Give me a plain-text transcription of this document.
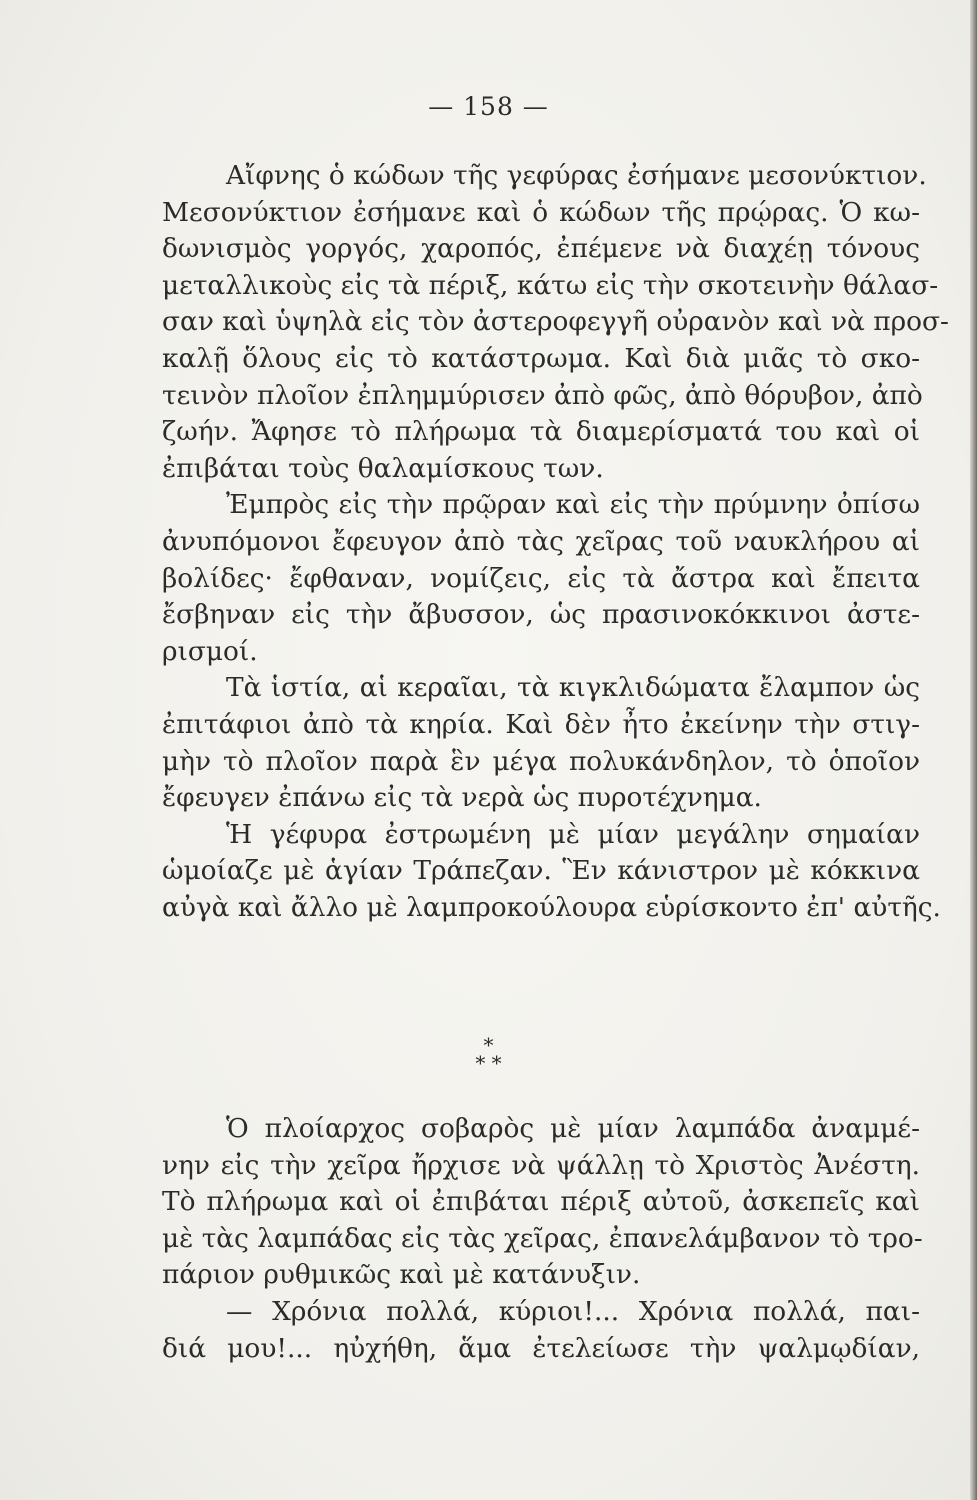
— 158 —
Αἴφνης ὁ κώδων τῆς γεφύρας ἐσήμανε μεσονύκτιον.
Μεσονύκτιον ἐσήμανε καὶ ὁ κώδων τῆς πρῴρας. Ὁ κω-
δωνισμὸς γοργός, χαροπός, ἐπέμενε νὰ διαχέῃ τόνους
μεταλλικοὺς εἰς τὰ πέριξ, κάτω εἰς τὴν σκοτεινὴν θάλασ-
σαν καὶ ὑψηλὰ εἰς τὸν ἀστεροφεγγῆ οὐρανὸν καὶ νὰ προσ-
καλῇ ὅλους εἰς τὸ κατάστρωμα. Καὶ διὰ μιᾶς τὸ σκο-
τεινὸν πλοῖον ἐπλημμύρισεν ἀπὸ φῶς, ἀπὸ θόρυβον, ἀπὸ
ζωήν. Ἄφησε τὸ πλήρωμα τὰ διαμερίσματά του καὶ οἱ
ἐπιβάται τοὺς θαλαμίσκους των.
Ἐμπρὸς εἰς τὴν πρῷραν καὶ εἰς τὴν πρύμνην ὀπίσω
ἀνυπόμονοι ἔφευγον ἀπὸ τὰς χεῖρας τοῦ ναυκλήρου αἱ
βολίδες· ἔφθαναν, νομίζεις, εἰς τὰ ἄστρα καὶ ἔπειτα
ἔσβηναν εἰς τὴν ἄβυσσον, ὡς πρασινοκόκκινοι ἀστε-
ρισμοί.
Τὰ ἱστία, αἱ κεραῖαι, τὰ κιγκλιδώματα ἔλαμπον ὡς
ἐπιτάφιοι ἀπὸ τὰ κηρία. Καὶ δὲν ἦτο ἐκείνην τὴν στιγ-
μὴν τὸ πλοῖον παρὰ ἓν μέγα πολυκάνδηλον, τὸ ὁποῖον
ἔφευγεν ἐπάνω εἰς τὰ νερὰ ὡς πυροτέχνημα.
Ἡ γέφυρα ἐστρωμένη μὲ μίαν μεγάλην σημαίαν
ὡμοίαζε μὲ ἁγίαν Τράπεζαν. Ἓν κάνιστρον μὲ κόκκινα
αὐγὰ καὶ ἄλλο μὲ λαμπροκούλουρα εὑρίσκοντο ἐπ' αὐτῆς.
*
* *
Ὁ πλοίαρχος σοβαρὸς μὲ μίαν λαμπάδα ἀναμμέ-
νην εἰς τὴν χεῖρα ἤρχισε νὰ ψάλλῃ τὸ Χριστὸς Ἀνέστη.
Τὸ πλήρωμα καὶ οἱ ἐπιβάται πέριξ αὐτοῦ, ἀσκεπεῖς καὶ
μὲ τὰς λαμπάδας εἰς τὰς χεῖρας, ἐπανελάμβανον τὸ τρο-
πάριον ρυθμικῶς καὶ μὲ κατάνυξιν.
— Χρόνια πολλά, κύριοι!... Χρόνια πολλά, παι-
διά μου!... ηὐχήθη, ἅμα ἐτελείωσε τὴν ψαλμῳδίαν,
